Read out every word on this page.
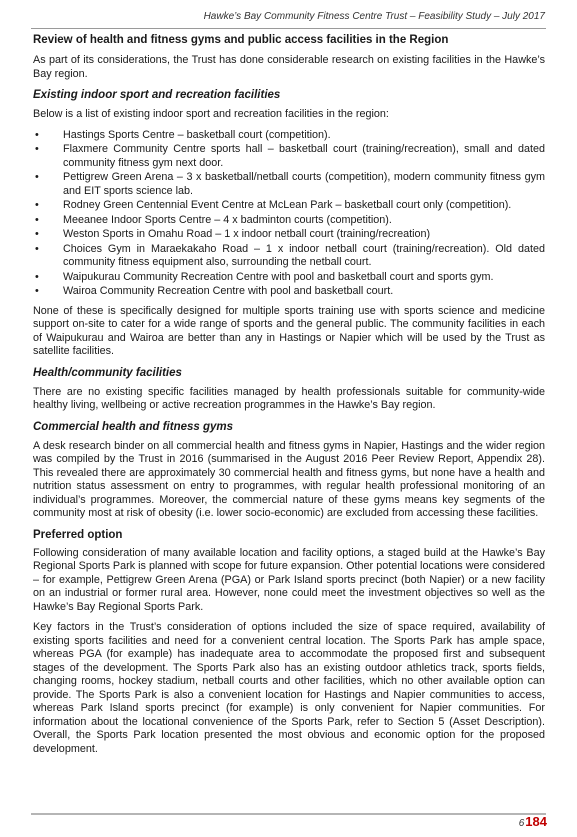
Hawke’s Bay Community Fitness Centre Trust – Feasibility Study – July 2017
Review of health and fitness gyms and public access facilities in the Region

As part of its considerations, the Trust has done considerable research on existing facilities in the Hawke’s Bay region.

Existing indoor sport and recreation facilities

Below is a list of existing indoor sport and recreation facilities in the region:

• Hastings Sports Centre – basketball court (competition).
• Flaxmere Community Centre sports hall – basketball court (training/recreation), small and dated community fitness gym next door.
• Pettigrew Green Arena – 3 x basketball/netball courts (competition), modern community fitness gym and EIT sports science lab.
• Rodney Green Centennial Event Centre at McLean Park – basketball court only (competition).
• Meeanee Indoor Sports Centre – 4 x badminton courts (competition).
• Weston Sports in Omahu Road – 1 x indoor netball court (training/recreation)
• Choices Gym in Maraekakaho Road – 1 x indoor netball court (training/recreation). Old dated community fitness equipment also, surrounding the netball court.
• Waipukurau Community Recreation Centre with pool and basketball court and sports gym.
• Wairoa Community Recreation Centre with pool and basketball court.

None of these is specifically designed for multiple sports training use with sports science and medicine support on-site to cater for a wide range of sports and the general public. The community facilities in each of Waipukurau and Wairoa are better than any in Hastings or Napier which will be used by the Trust as satellite facilities.

Health/community facilities

There are no existing specific facilities managed by health professionals suitable for community-wide healthy living, wellbeing or active recreation programmes in the Hawke’s Bay region.

Commercial health and fitness gyms

A desk research binder on all commercial health and fitness gyms in Napier, Hastings and the wider region was compiled by the Trust in 2016 (summarised in the August 2016 Peer Review Report, Appendix 28). This revealed there are approximately 30 commercial health and fitness gyms, but none have a health and nutrition status assessment on entry to programmes, with regular health professional monitoring of an individual’s programmes. Moreover, the commercial nature of these gyms means key segments of the community most at risk of obesity (i.e. lower socio-economic) are excluded from accessing these facilities.

Preferred option

Following consideration of many available location and facility options, a staged build at the Hawke’s Bay Regional Sports Park is planned with scope for future expansion. Other potential locations were considered – for example, Pettigrew Green Arena (PGA) or Park Island sports precinct (both Napier) or a new facility on an industrial or former rural area. However, none could meet the investment objectives so well as the Hawke’s Bay Regional Sports Park.

Key factors in the Trust’s consideration of options included the size of space required, availability of existing sports facilities and need for a convenient central location. The Sports Park has ample space, whereas PGA (for example) has inadequate area to accommodate the proposed first and subsequent stages of the development. The Sports Park also has an existing outdoor athletics track, sports fields, changing rooms, hockey stadium, netball courts and other facilities, which no other available option can provide. The Sports Park is also a convenient location for Hastings and Napier communities to access, whereas Park Island sports precinct (for example) is only convenient for Napier communities. For information about the locational convenience of the Sports Park, refer to Section 5 (Asset Description). Overall, the Sports Park location presented the most obvious and economic option for the proposed development.

6184
